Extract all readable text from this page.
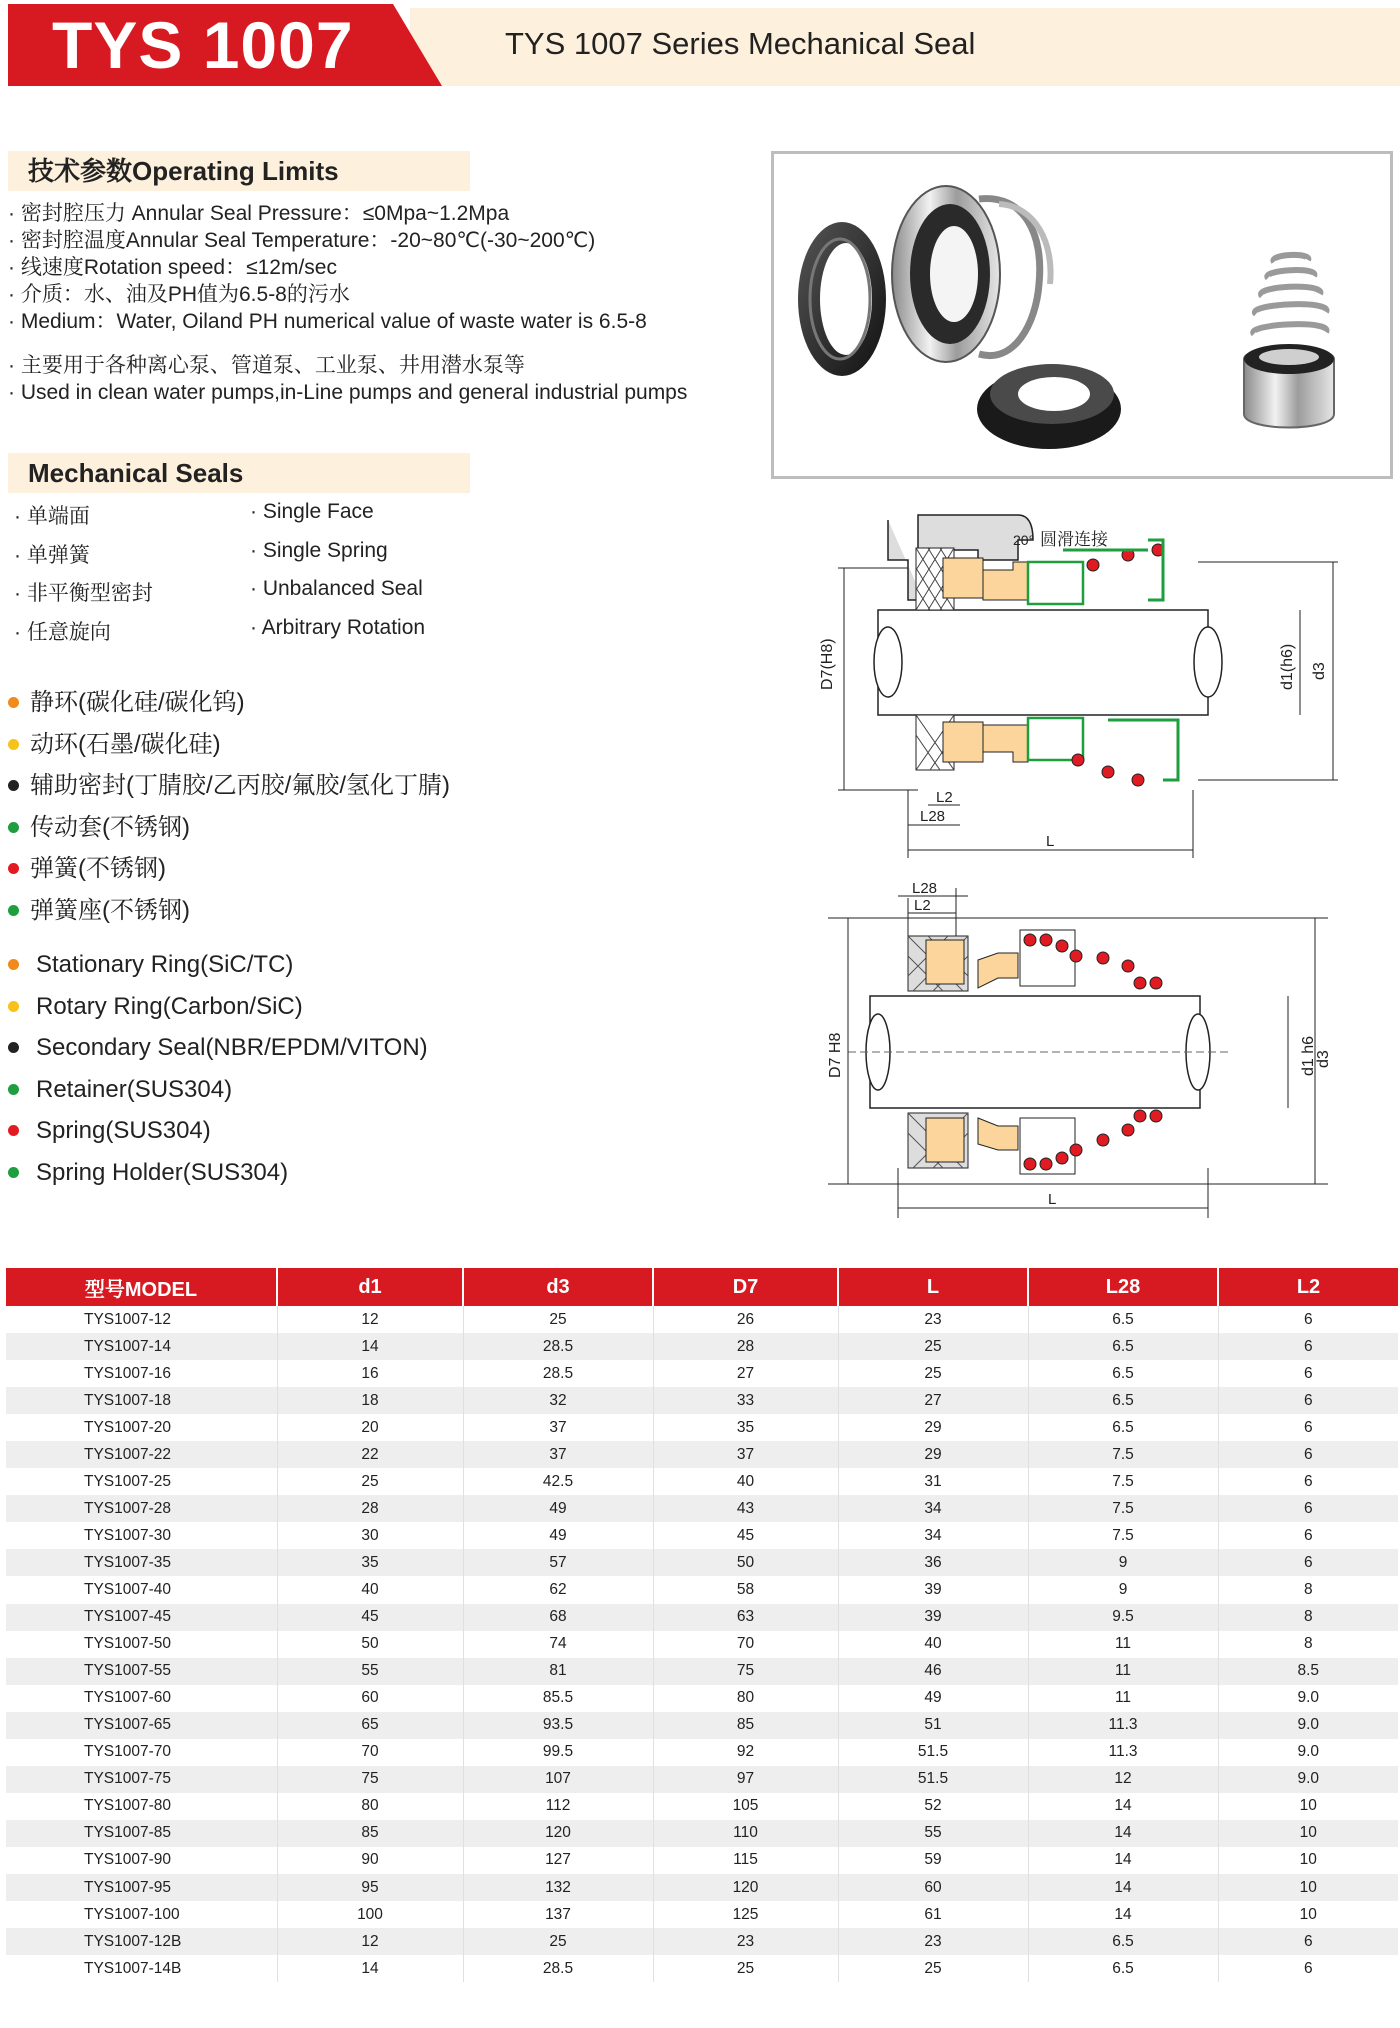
TYS 1007	TYS 1007 Series Mechanical Seal
技术参数Operating Limits
· 密封腔压力 Annular Seal Pressure：≤0Mpa~1.2Mpa
· 密封腔温度Annular Seal Temperature：-20~80℃(-30~200℃)
· 线速度Rotation speed：≤12m/sec
· 介质：水、油及PH值为6.5-8的污水
· Medium：Water, Oiland PH numerical value of waste water is 6.5-8
· 主要用于各种离心泵、管道泵、工业泵、井用潜水泵等
· Used in clean water pumps,in-Line pumps and general industrial pumps
Mechanical Seals
· 单端面	· Single Face
· 单弹簧	· Single Spring
· 非平衡型密封	· Unbalanced Seal
· 任意旋向	· Arbitrary Rotation
静环(碳化硅/碳化钨)
动环(石墨/碳化硅)
辅助密封(丁腈胶/乙丙胶/氟胶/氢化丁腈)
传动套(不锈钢)
弹簧(不锈钢)
弹簧座(不锈钢)
Stationary Ring(SiC/TC)
Rotary Ring(Carbon/SiC)
Secondary Seal(NBR/EPDM/VITON)
Retainer(SUS304)
Spring(SUS304)
Spring Holder(SUS304)
D7(H8)	d3
d1(h6)
L2
L28
L
20° 圆滑连接
D7 H8	d3
d1 h6
L2
L28
L
型号MODEL	d1	d3	D7	L	L28	L2
TYS1007-12	12	25	26	23	6.5	6
TYS1007-14	14	28.5	28	25	6.5	6
TYS1007-16	16	28.5	27	25	6.5	6
TYS1007-18	18	32	33	27	6.5	6
TYS1007-20	20	37	35	29	6.5	6
TYS1007-22	22	37	37	29	7.5	6
TYS1007-25	25	42.5	40	31	7.5	6
TYS1007-28	28	49	43	34	7.5	6
TYS1007-30	30	49	45	34	7.5	6
TYS1007-35	35	57	50	36	9	6
TYS1007-40	40	62	58	39	9	8
TYS1007-45	45	68	63	39	9.5	8
TYS1007-50	50	74	70	40	11	8
TYS1007-55	55	81	75	46	11	8.5
TYS1007-60	60	85.5	80	49	11	9.0
TYS1007-65	65	93.5	85	51	11.3	9.0
TYS1007-70	70	99.5	92	51.5	11.3	9.0
TYS1007-75	75	107	97	51.5	12	9.0
TYS1007-80	80	112	105	52	14	10
TYS1007-85	85	120	110	55	14	10
TYS1007-90	90	127	115	59	14	10
TYS1007-95	95	132	120	60	14	10
TYS1007-100	100	137	125	61	14	10
TYS1007-12B	12	25	23	23	6.5	6
TYS1007-14B	14	28.5	25	25	6.5	6
